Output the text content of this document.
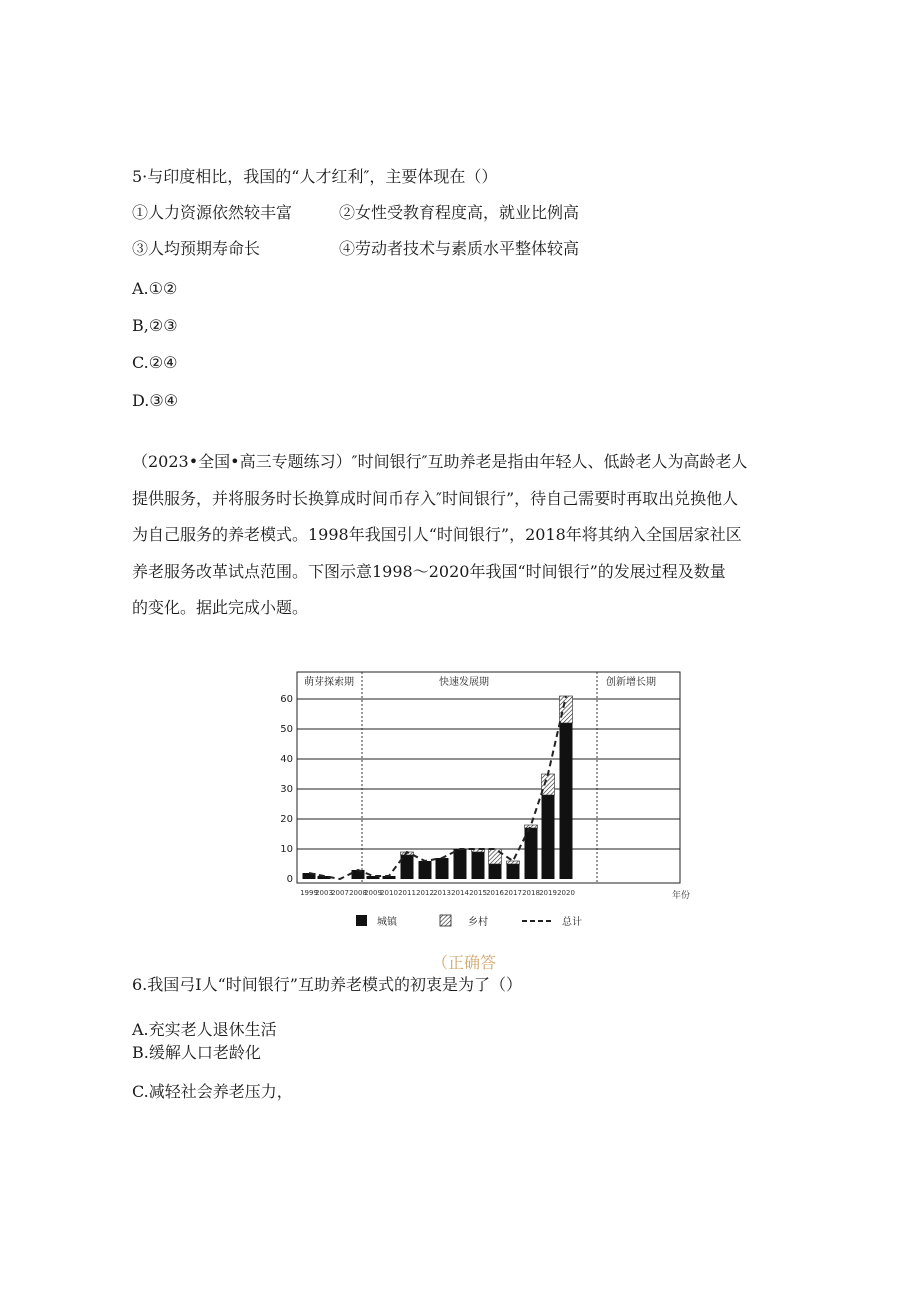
5·与印度相比，我国的“人才红利″，主要体现在（）
①人力资源依然较丰富	②女性受教育程度高，就业比例高
③人均预期寿命长	④劳动者技术与素质水平整体较高
A.①②
B,②③
C.②④
D.③④

（2023•全国•高三专题练习）″时间银行″互助养老是指由年轻人、低龄老人为高龄老人

提供服务，并将服务时长换算成时间币存入″时间银行”，待自己需要时再取出兑换他人

为自己服务的养老模式。1998年我国引人“时间银行”，2018年将其纳入全国居家社区

养老服务改革试点范围。下图示意1998～2020年我国“时间银行”的发展过程及数量

的变化。据此完成小题。

萌芽探索期	快速发展期	创新增长期
0
10
20
30
40
50
60
1999
2003
2007 2008
2009
2010 2011 2012 2013 2014 2015 2016 2017 2018 2019 2020	年份
城镇	乡村	总计
（正确答
6.我国弓I人“时间银行”互助养老模式的初衷是为了（）
A.充实老人退休生活
B.缓解人口老龄化
C.减轻社会养老压力，
